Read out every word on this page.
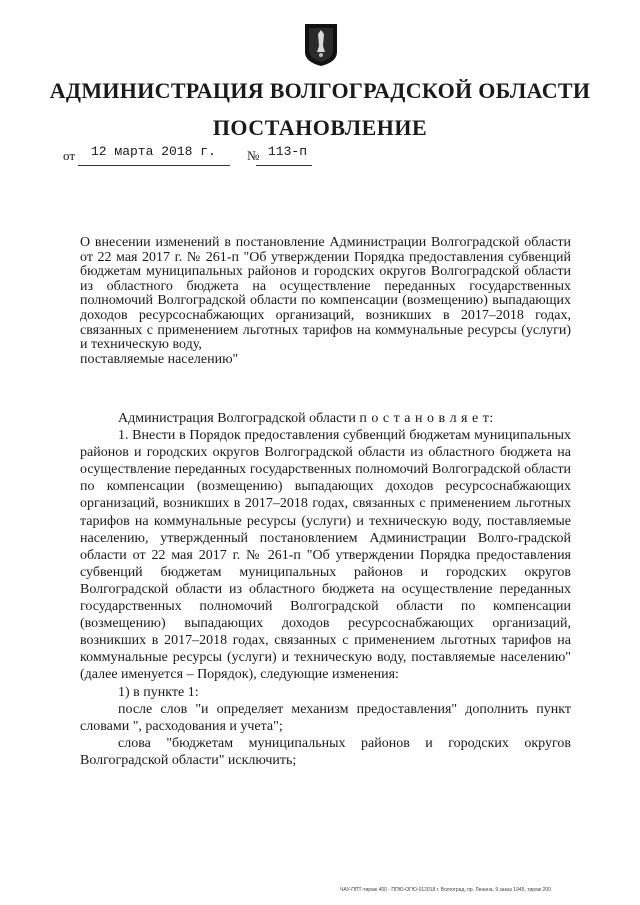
АДМИНИСТРАЦИЯ ВОЛГОГРАДСКОЙ ОБЛАСТИ
ПОСТАНОВЛЕНИЕ
от 12 марта 2018 г. № 113-п
О внесении изменений в постановление Администрации Волгоградской области от 22 мая 2017 г. № 261-п "Об утверждении Порядка предоставления субвенций бюджетам муниципальных районов и городских округов Волгоградской области из областного бюджета на осуществление переданных государственных полномочий Волгоградской области по компенсации (возмещению) выпадающих доходов ресурсоснабжающих организаций, возникших в 2017–2018 годах, связанных с применением льготных тарифов на коммунальные ресурсы (услуги) и техническую воду,
поставляемые населению"

Администрация Волгоградской области п о с т а н о в л я е т:

1. Внести в Порядок предоставления субвенций бюджетам муниципальных районов и городских округов Волгоградской области из областного бюджета на осуществление переданных государственных полномочий Волгоградской области по компенсации (возмещению) выпадающих доходов ресурсоснабжающих организаций, возникших в 2017–2018 годах, связанных с применением льготных тарифов на коммунальные ресурсы (услуги) и техническую воду, поставляемые населению, утвержденный постановлением Администрации Волго-градской области от 22 мая 2017 г. № 261-п "Об утверждении Порядка предоставления субвенций бюджетам муниципальных районов и городских округов Волгоградской области из областного бюджета на осуществление переданных государственных полномочий Волгоградской области по компенсации (возмещению) выпадающих доходов ресурсоснабжающих организаций, возникших в 2017–2018 годах, связанных с применением льготных тарифов на коммунальные ресурсы (услуги) и техническую воду, поставляемые населению" (далее именуется – Порядок), следующие изменения:

1) в пункте 1:

после слов "и определяет механизм предоставления" дополнить пункт словами ", расходования и учета";

слова "бюджетам муниципальных районов и городских округов Волгоградской области" исключить;

ЧАУ-ППТ-тираж 400 - ППЮ-ОГЮ-012018 г. Волгоград, пр. Ленина, 9 заказ 1945, тираж 200
